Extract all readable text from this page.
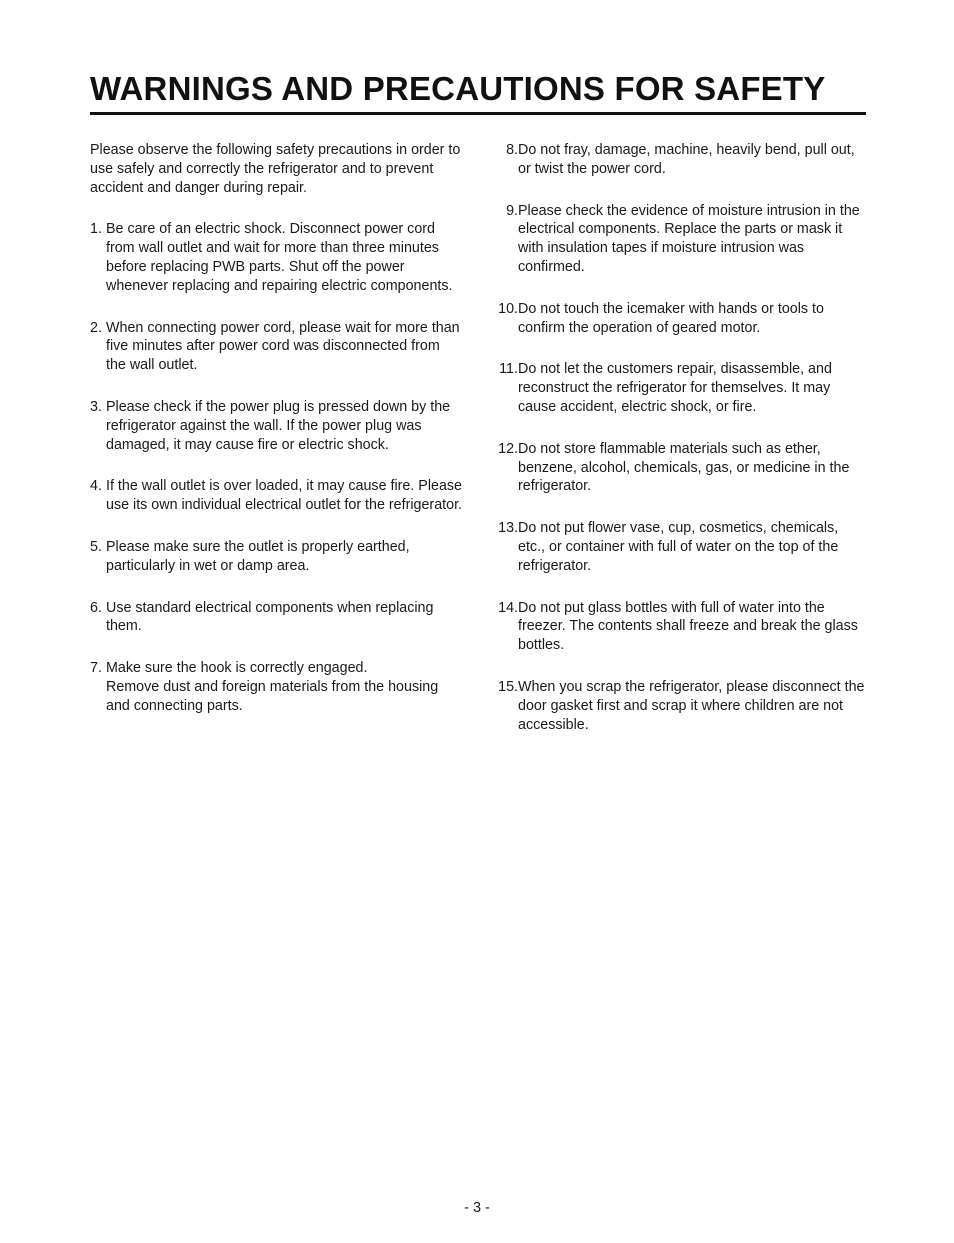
WARNINGS AND PRECAUTIONS FOR SAFETY

Please observe the following safety precautions in order to use safely and correctly the refrigerator and to prevent accident and danger during repair.

1. Be care of an electric shock. Disconnect power cord from wall outlet and wait for more than three minutes before replacing PWB parts. Shut off the power whenever replacing and repairing electric components.
2. When connecting power cord, please wait for more than five minutes after power cord was disconnected from the wall outlet.
3. Please check if the power plug is pressed down by the refrigerator against the wall. If the power plug was damaged, it may cause fire or electric shock.
4. If the wall outlet is over loaded, it may cause fire. Please use its own individual electrical outlet for the refrigerator.
5. Please make sure the outlet is properly earthed, particularly in wet or damp area.
6. Use standard electrical components when replacing them.
7. Make sure the hook is correctly engaged.
Remove dust and foreign materials from the housing and connecting parts.
8. Do not fray, damage, machine, heavily bend, pull out, or twist the power cord.
9. Please check the evidence of moisture intrusion in the electrical components. Replace the parts or mask it with insulation tapes if moisture intrusion was confirmed.
10. Do not touch the icemaker with hands or tools to confirm the operation of geared motor.
11. Do not let the customers repair, disassemble, and reconstruct the refrigerator for themselves. It may cause accident, electric shock, or fire.
12. Do not store flammable materials such as ether, benzene, alcohol, chemicals, gas, or medicine in the refrigerator.
13. Do not put flower vase, cup, cosmetics, chemicals, etc., or container with full of water on the top of the refrigerator.
14. Do not put glass bottles with full of water into the freezer. The contents shall freeze and break the glass bottles.
15. When you scrap the refrigerator, please disconnect the door gasket first and scrap it where children are not accessible.
- 3 -
